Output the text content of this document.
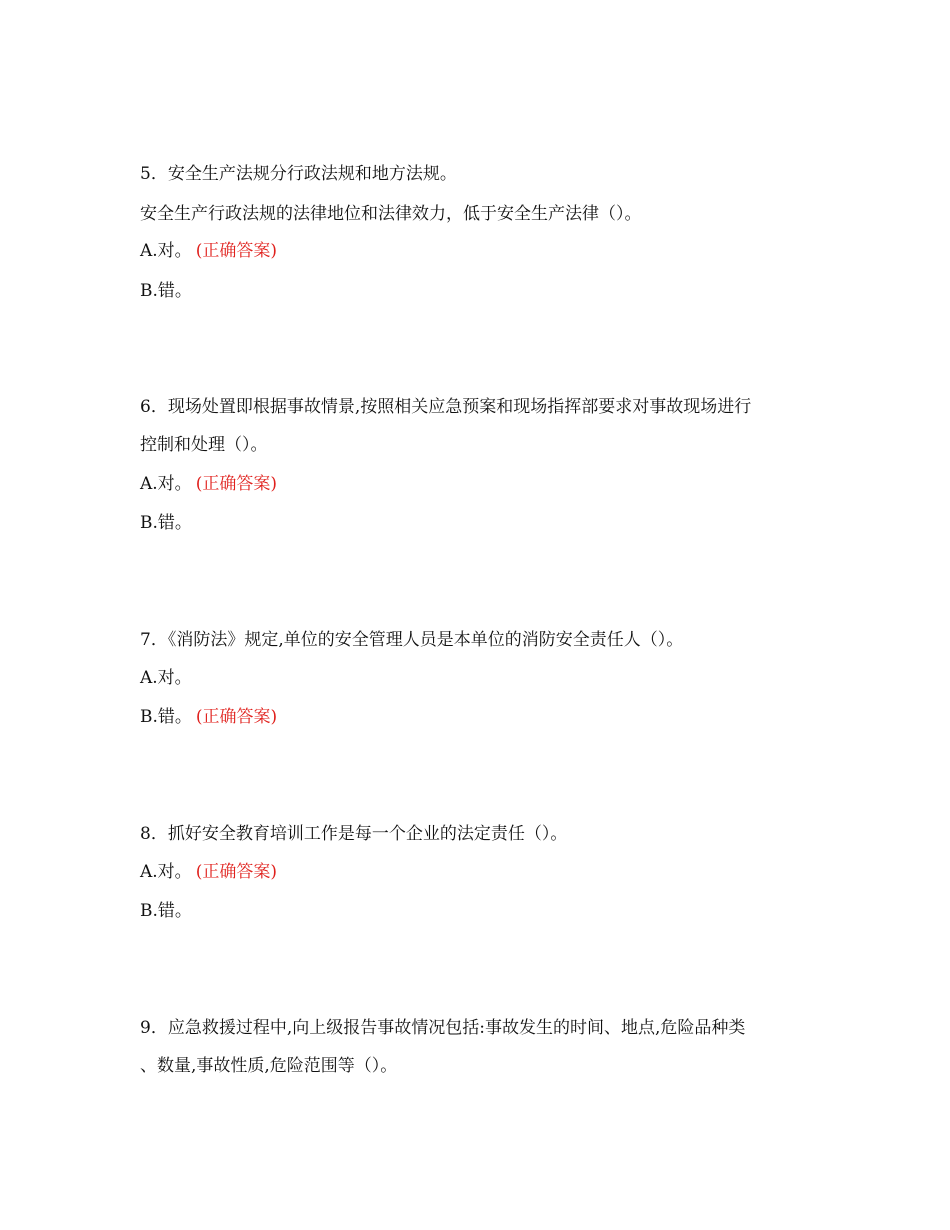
5．安全生产法规分行政法规和地方法规。
安全生产行政法规的法律地位和法律效力，低于安全生产法律（）。
A.对。 (正确答案)
B.错。
6．现场处置即根据事故情景,按照相关应急预案和现场指挥部要求对事故现场进行
控制和处理（）。
A.对。 (正确答案)
B.错。
7．《消防法》规定,单位的安全管理人员是本单位的消防安全责任人（）。
A.对。
B.错。 (正确答案)
8．抓好安全教育培训工作是每一个企业的法定责任（）。
A.对。 (正确答案)
B.错。
9．应急救援过程中,向上级报告事故情况包括:事故发生的时间、地点,危险品种类
、数量,事故性质,危险范围等（）。
